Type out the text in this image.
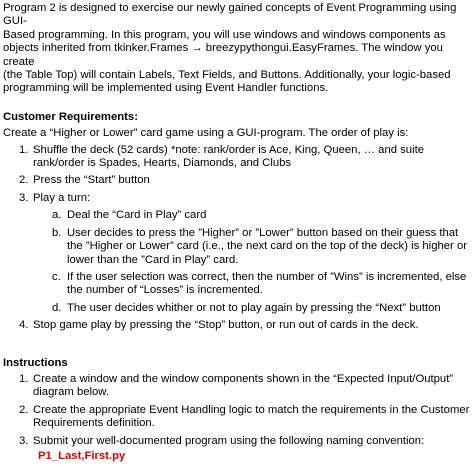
Program 2 is designed to exercise our newly gained concepts of Event Programming using GUI-

Based programming. In this program, you will use windows and windows components as

objects inherited from tkinker.Frames → breezypythongui.EasyFrames. The window you create

(the Table Top) will contain Labels, Text Fields, and Buttons. Additionally, your logic-based

programming will be implemented using Event Handler functions.

Customer Requirements:

Create a “Higher or Lower” card game using a GUI-program. The order of play is:

1. Shuffle the deck (52 cards) *note: rank/order is Ace, King, Queen, … and suite

rank/order is Spades, Hearts, Diamonds, and Clubs

2. Press the “Start” button

3. Play a turn:

a. Deal the “Card in Play” card

b. User decides to press the ”Higher” or ”Lower” button based on their guess that

the ”Higher or Lower” card (i.e., the next card on the top of the deck) is higher or

lower than the ”Card in Play” card.

c. If the user selection was correct, then the number of ”Wins” is incremented, else

the number of “Losses” is incremented.

d. The user decides whither or not to play again by pressing the “Next” button

4. Stop game play by pressing the “Stop” button, or run out of cards in the deck.

Instructions

1. Create a window and the window components shown in the “Expected Input/Output”

diagram below.

2. Create the appropriate Event Handling logic to match the requirements in the Customer

Requirements definition.

3. Submit your well-documented program using the following naming convention:

P1_Last,First.py
